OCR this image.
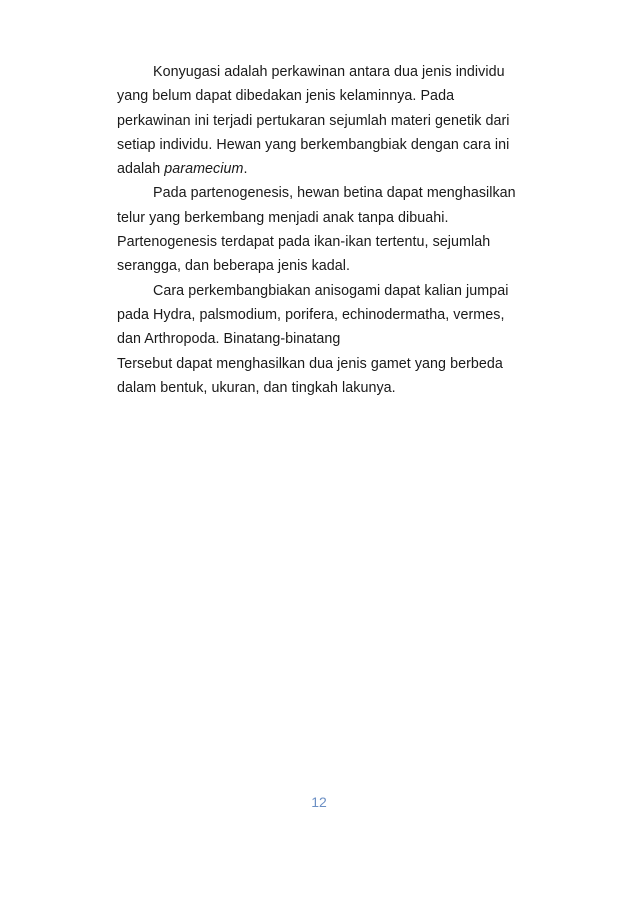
Konyugasi adalah perkawinan antara dua jenis individu
yang belum dapat dibedakan jenis kelaminnya. Pada
perkawinan ini terjadi pertukaran sejumlah materi genetik dari
setiap individu. Hewan yang berkembangbiak dengan cara ini
adalah paramecium.
Pada partenogenesis, hewan betina dapat menghasilkan
telur yang berkembang menjadi anak tanpa dibuahi.
Partenogenesis terdapat pada ikan-ikan tertentu, sejumlah
serangga, dan beberapa jenis kadal.
Cara perkembangbiakan anisogami dapat kalian jumpai
pada Hydra, palsmodium, porifera, echinodermatha, vermes,
dan Arthropoda. Binatang-binatang
Tersebut dapat menghasilkan dua jenis gamet yang berbeda
dalam bentuk, ukuran, dan tingkah lakunya.
12
